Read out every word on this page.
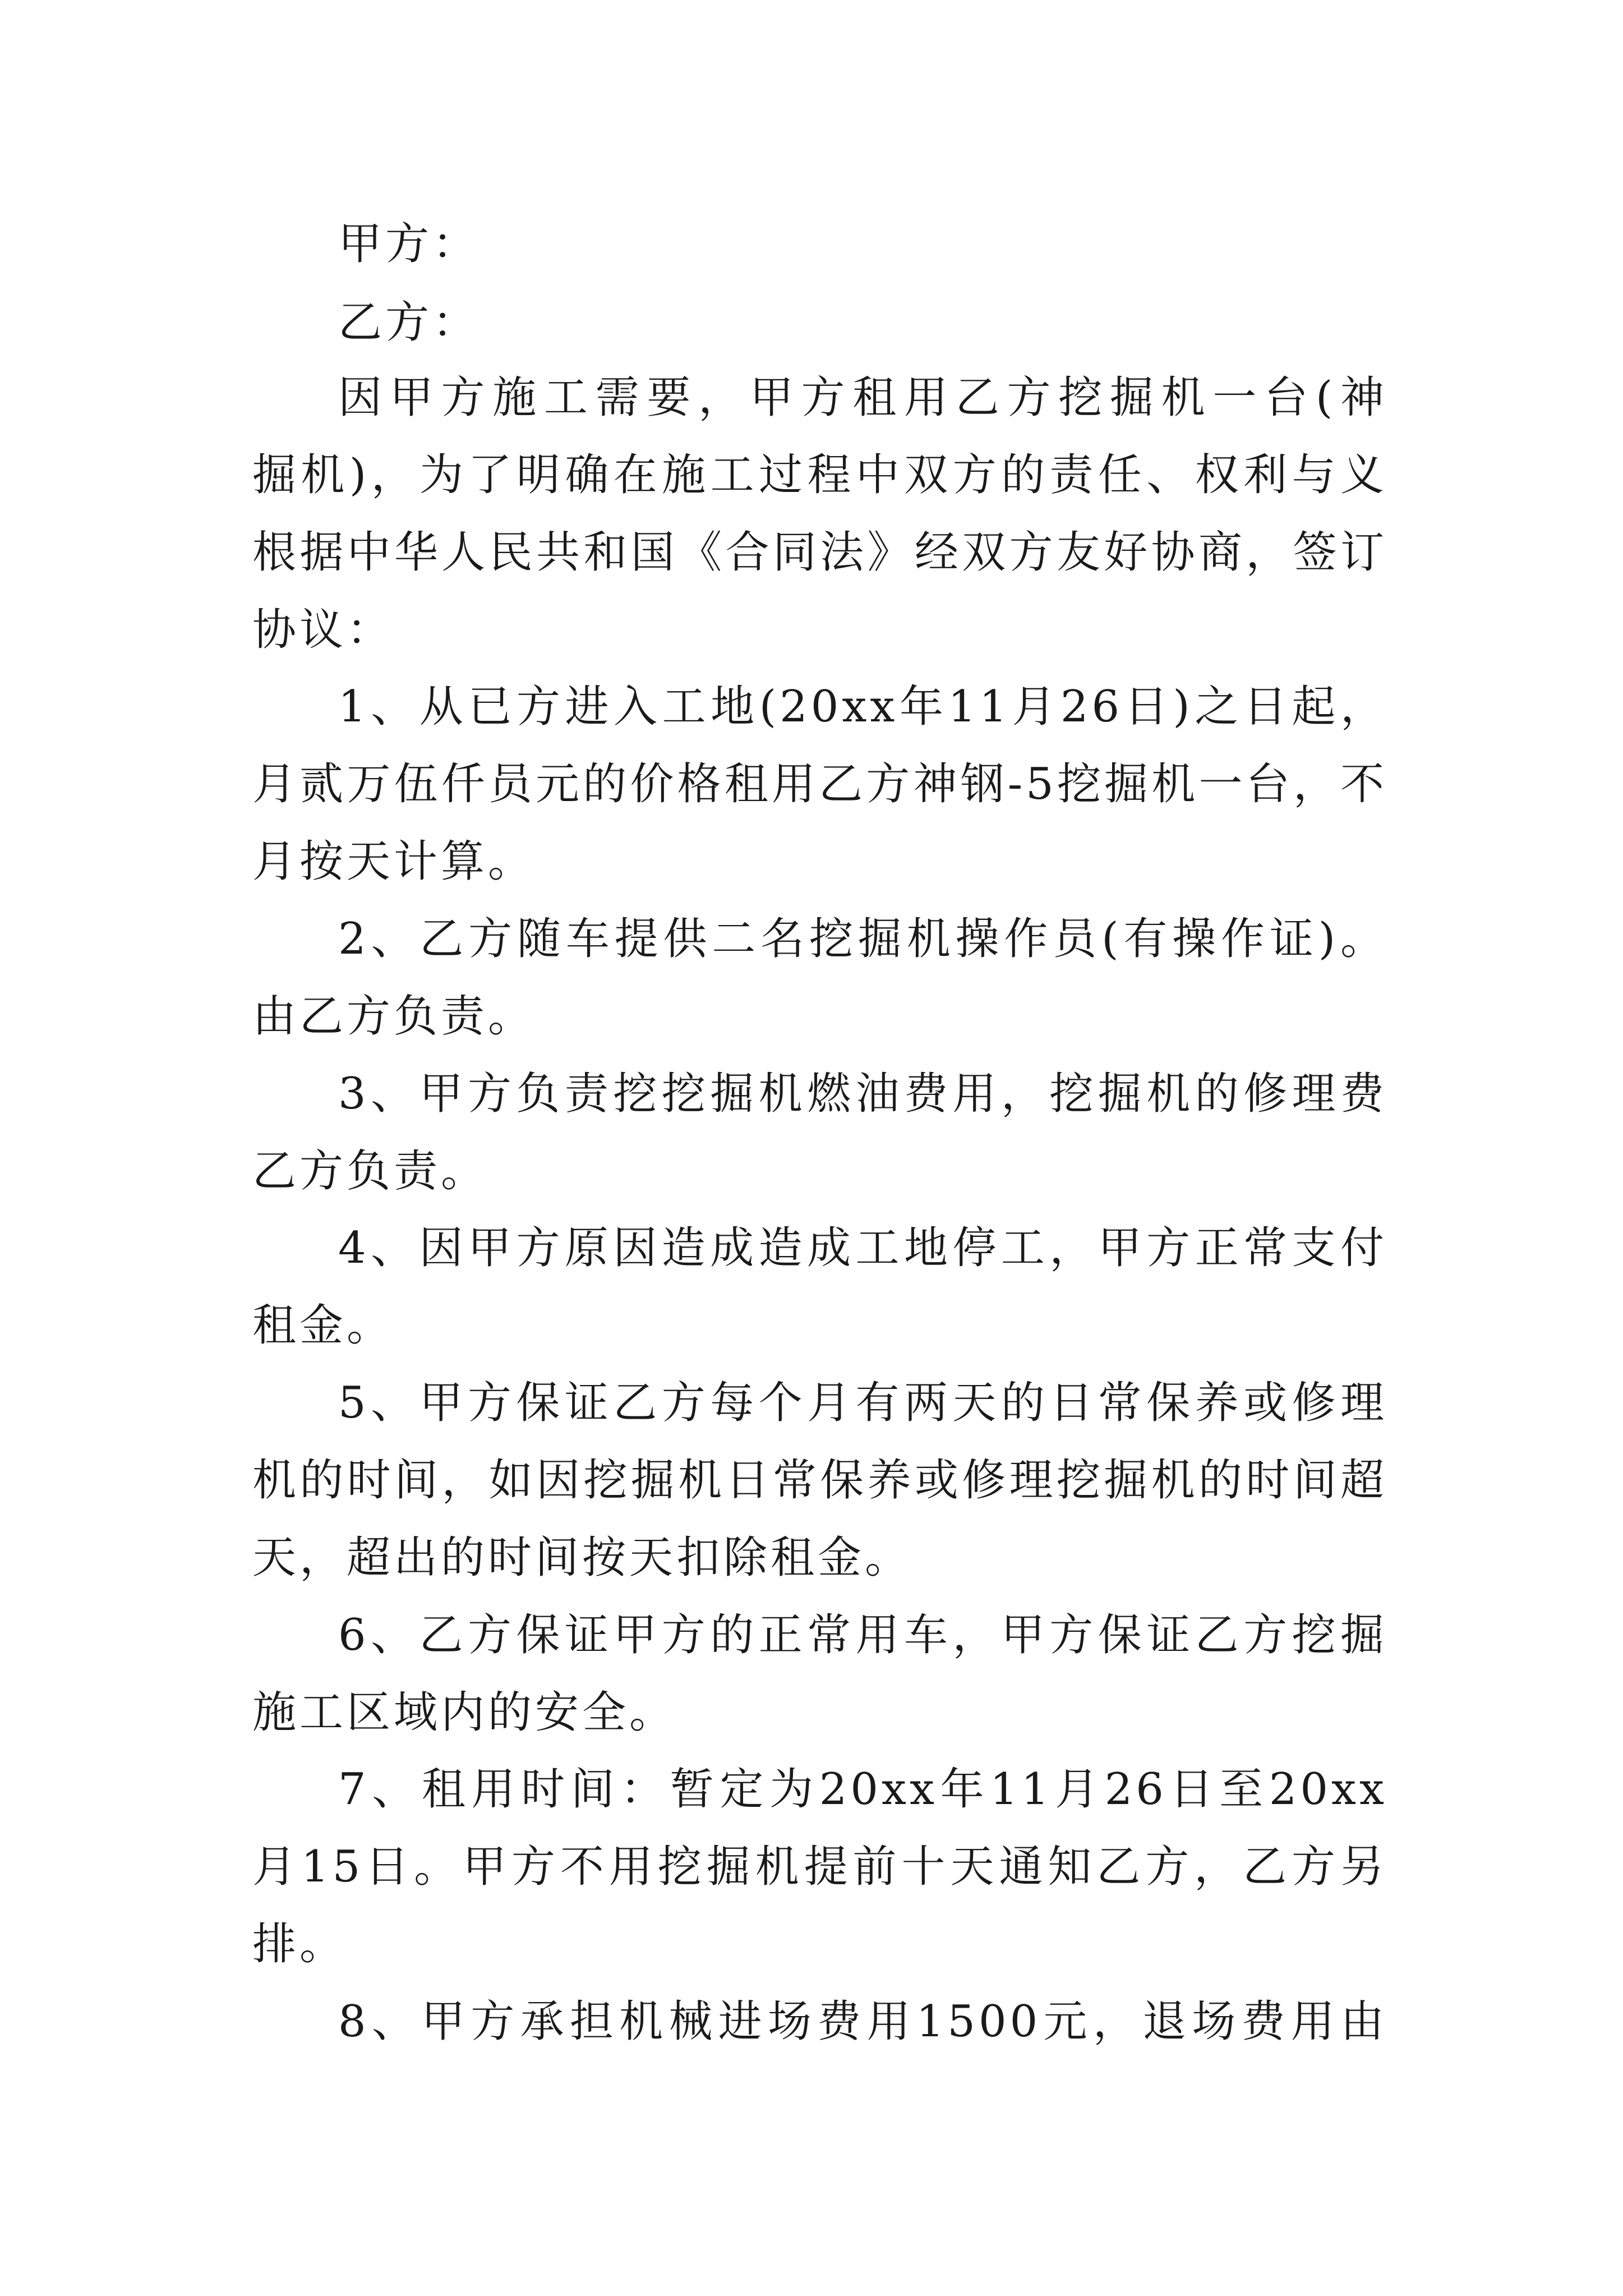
甲方：
乙方：
因甲方施工需要，甲方租用乙方挖掘机一台(神
掘机)，为了明确在施工过程中双方的责任、权利与义
根据中华人民共和国《合同法》经双方友好协商，签订
协议：
1、从已方进入工地(20xx年11月26日)之日起，
月贰万伍仟员元的价格租用乙方神钢-5挖掘机一台，不
月按天计算。
2、乙方随车提供二名挖掘机操作员(有操作证)。
由乙方负责。
3、甲方负责挖挖掘机燃油费用，挖掘机的修理费
乙方负责。
4、因甲方原因造成造成工地停工，甲方正常支付
租金。
5、甲方保证乙方每个月有两天的日常保养或修理
机的时间，如因挖掘机日常保养或修理挖掘机的时间超
天，超出的时间按天扣除租金。
6、乙方保证甲方的正常用车，甲方保证乙方挖掘
施工区域内的安全。
7、租用时间：暂定为20xx年11月26日至20xx
月15日。甲方不用挖掘机提前十天通知乙方，乙方另
排。
8、甲方承担机械进场费用1500元，退场费用由
